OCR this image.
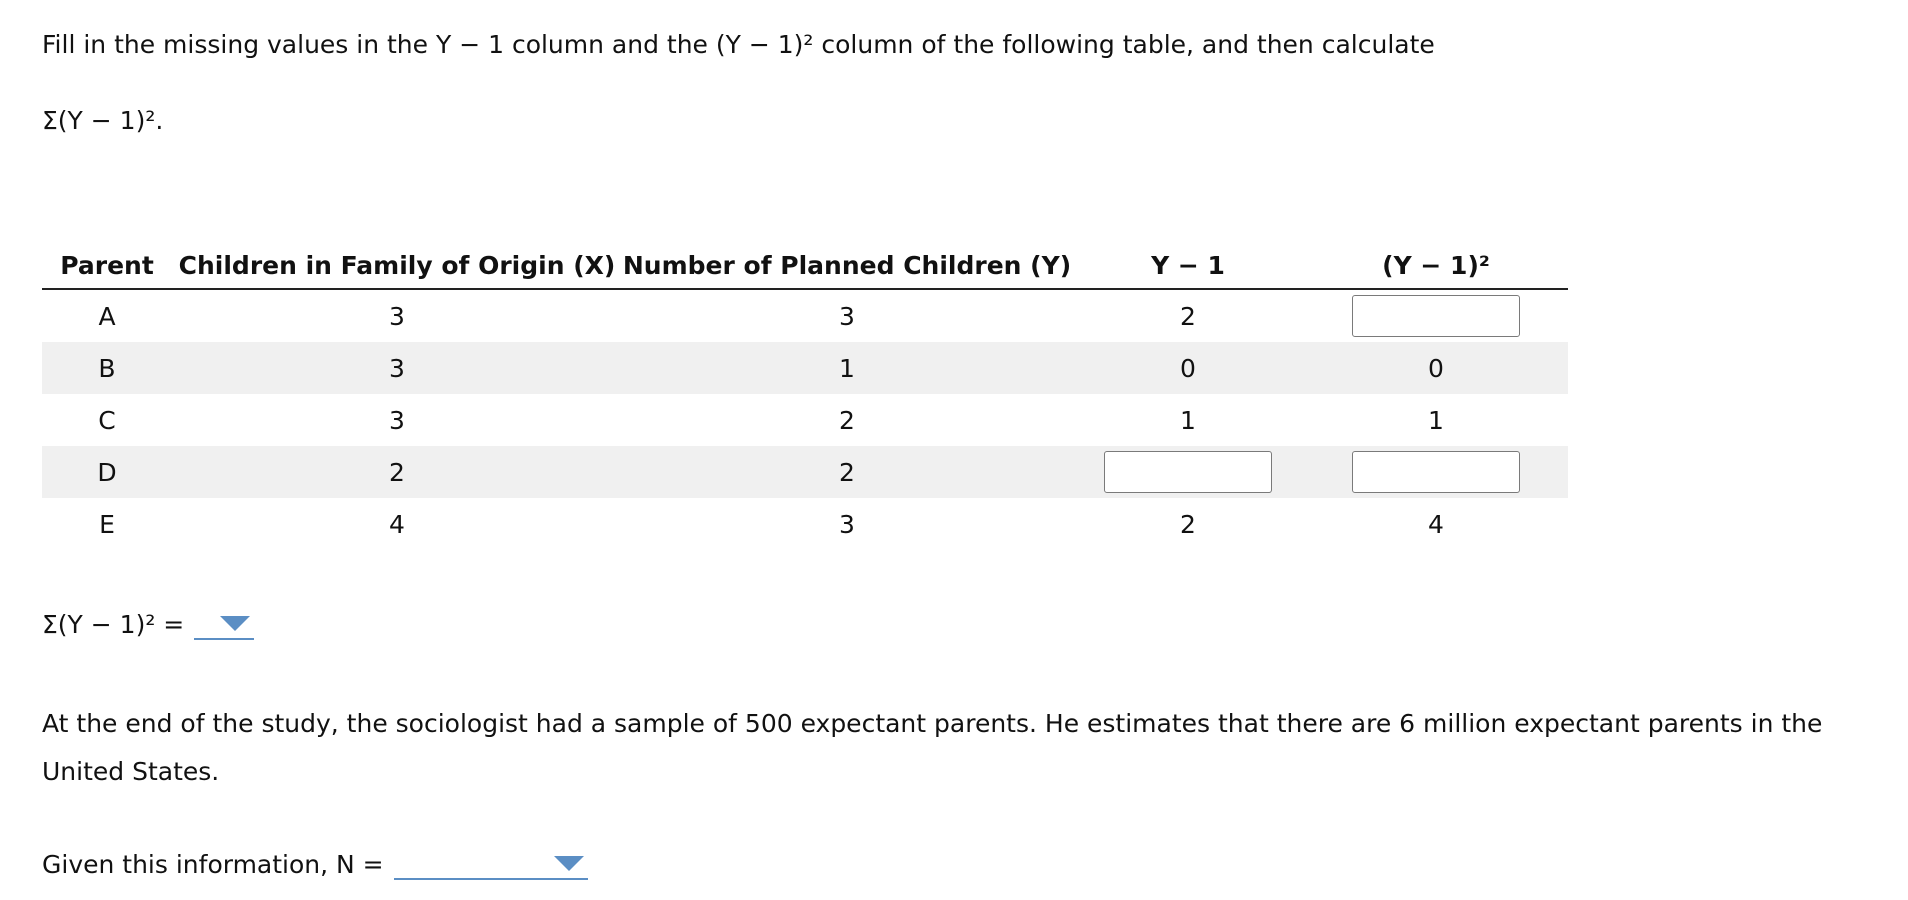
Fill in the missing values in the Y − 1 column and the (Y − 1)² column of the following table, and then calculate

Σ(Y − 1)².

Parent	Children in Family of Origin (X)	Number of Planned Children (Y)	Y − 1	(Y − 1)²
A	3	3	2	
B	3	1	0	0
C	3	2	1	1
D	2	2		
E	4	3	2	4
Σ(Y − 1)² =

At the end of the study, the sociologist had a sample of 500 expectant parents. He estimates that there are 6 million expectant parents in the United States.

Given this information, N =
